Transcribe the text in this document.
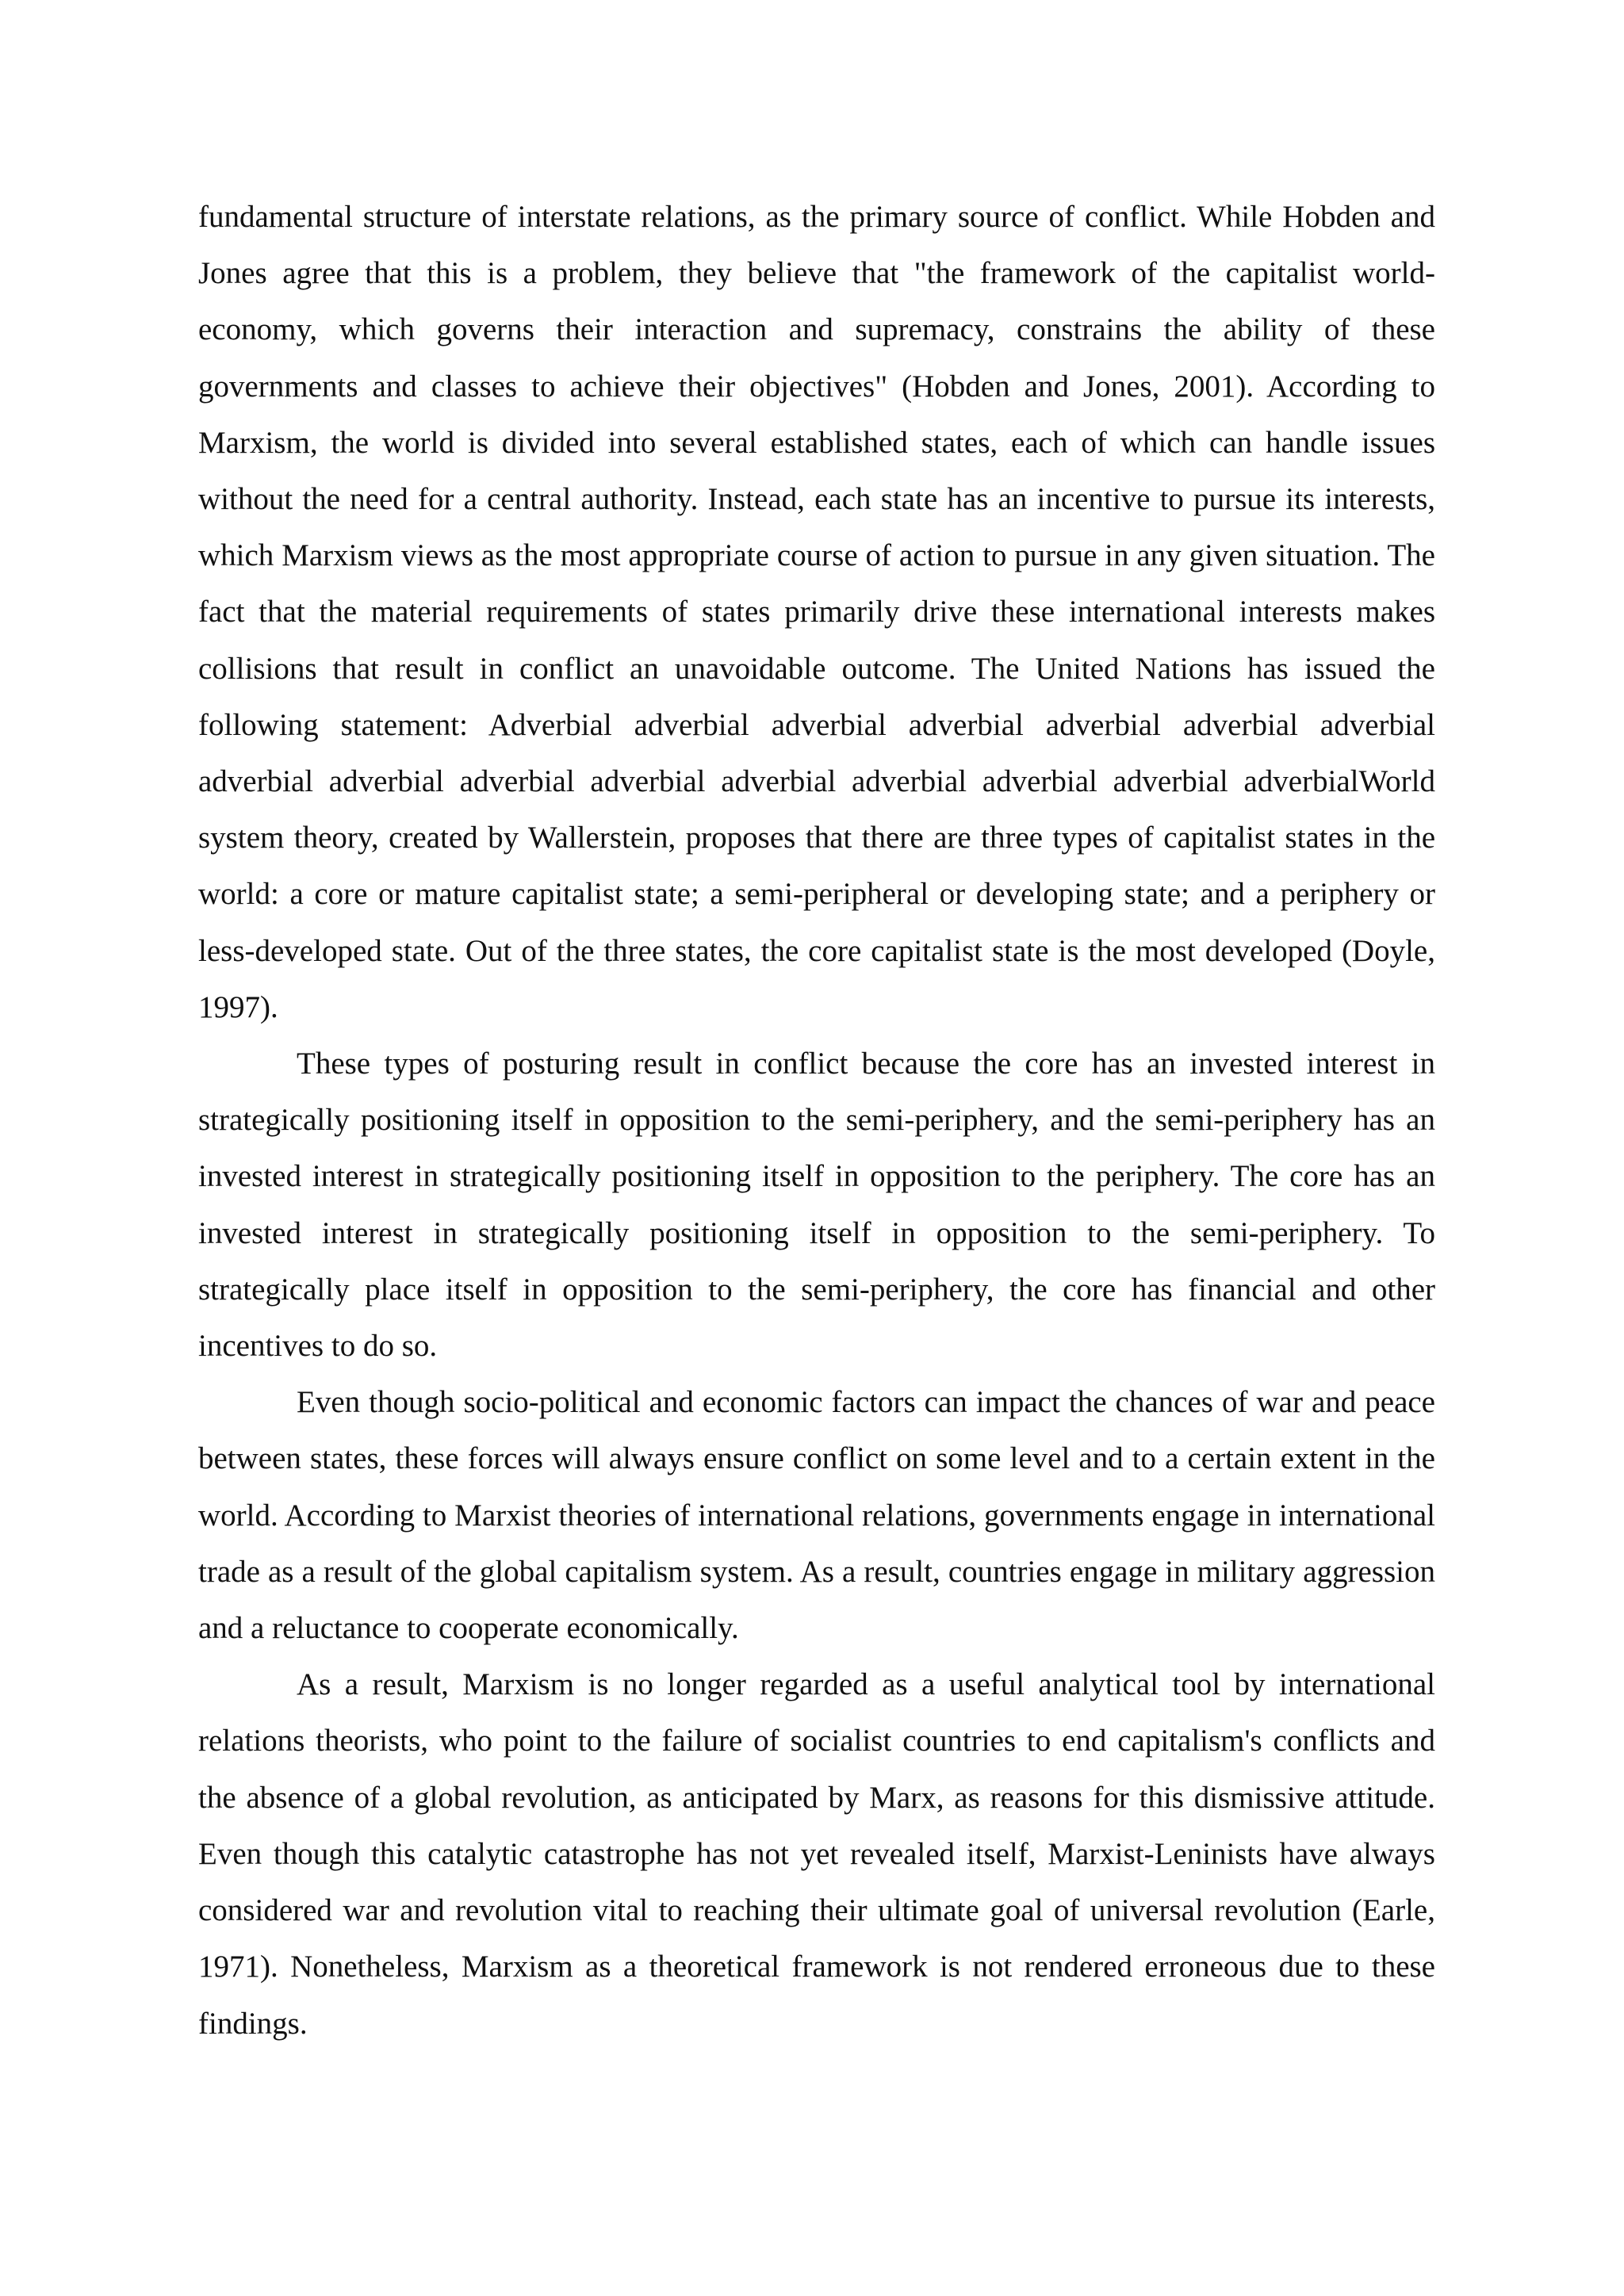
fundamental structure of interstate relations, as the primary source of conflict. While Hobden and Jones agree that this is a problem, they believe that "the framework of the capitalist world-economy, which governs their interaction and supremacy, constrains the ability of these governments and classes to achieve their objectives" (Hobden and Jones, 2001). According to Marxism, the world is divided into several established states, each of which can handle issues without the need for a central authority. Instead, each state has an incentive to pursue its interests, which Marxism views as the most appropriate course of action to pursue in any given situation. The fact that the material requirements of states primarily drive these international interests makes collisions that result in conflict an unavoidable outcome. The United Nations has issued the following statement: Adverbial adverbial adverbial adverbial adverbial adverbial adverbial adverbial adverbial adverbial adverbial adverbial adverbial adverbial adverbial adverbialWorld system theory, created by Wallerstein, proposes that there are three types of capitalist states in the world: a core or mature capitalist state; a semi-peripheral or developing state; and a periphery or less-developed state. Out of the three states, the core capitalist state is the most developed (Doyle, 1997).

These types of posturing result in conflict because the core has an invested interest in strategically positioning itself in opposition to the semi-periphery, and the semi-periphery has an invested interest in strategically positioning itself in opposition to the periphery. The core has an invested interest in strategically positioning itself in opposition to the semi-periphery. To strategically place itself in opposition to the semi-periphery, the core has financial and other incentives to do so.

Even though socio-political and economic factors can impact the chances of war and peace between states, these forces will always ensure conflict on some level and to a certain extent in the world. According to Marxist theories of international relations, governments engage in international trade as a result of the global capitalism system. As a result, countries engage in military aggression and a reluctance to cooperate economically.

As a result, Marxism is no longer regarded as a useful analytical tool by international relations theorists, who point to the failure of socialist countries to end capitalism's conflicts and the absence of a global revolution, as anticipated by Marx, as reasons for this dismissive attitude. Even though this catalytic catastrophe has not yet revealed itself, Marxist-Leninists have always considered war and revolution vital to reaching their ultimate goal of universal revolution (Earle, 1971). Nonetheless, Marxism as a theoretical framework is not rendered erroneous due to these findings.
